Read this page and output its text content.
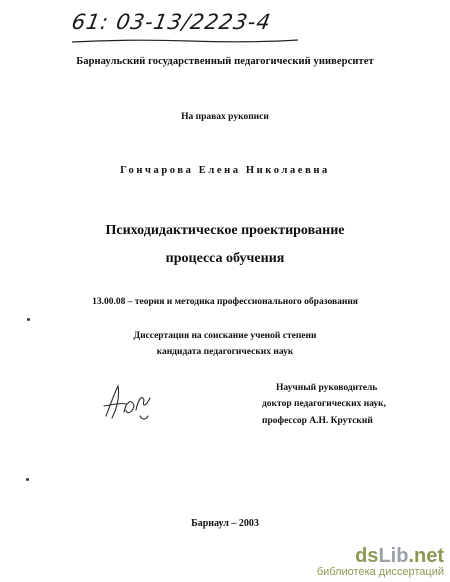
61: 03-13/2223-4
Барнаульский государственный педагогический университет
На правах рукописи
Гончарова Елена Николаевна
Психодидактическое проектирование
процесса обучения
13.00.08 – теория и методика профессионального образования
Диссертация на соискание ученой степени
кандидата педагогических наук
Научный руководитель
доктор педагогических наук,
профессор А.Н. Крутский
Барнаул – 2003
dsLib.net
библиотека диссертаций
